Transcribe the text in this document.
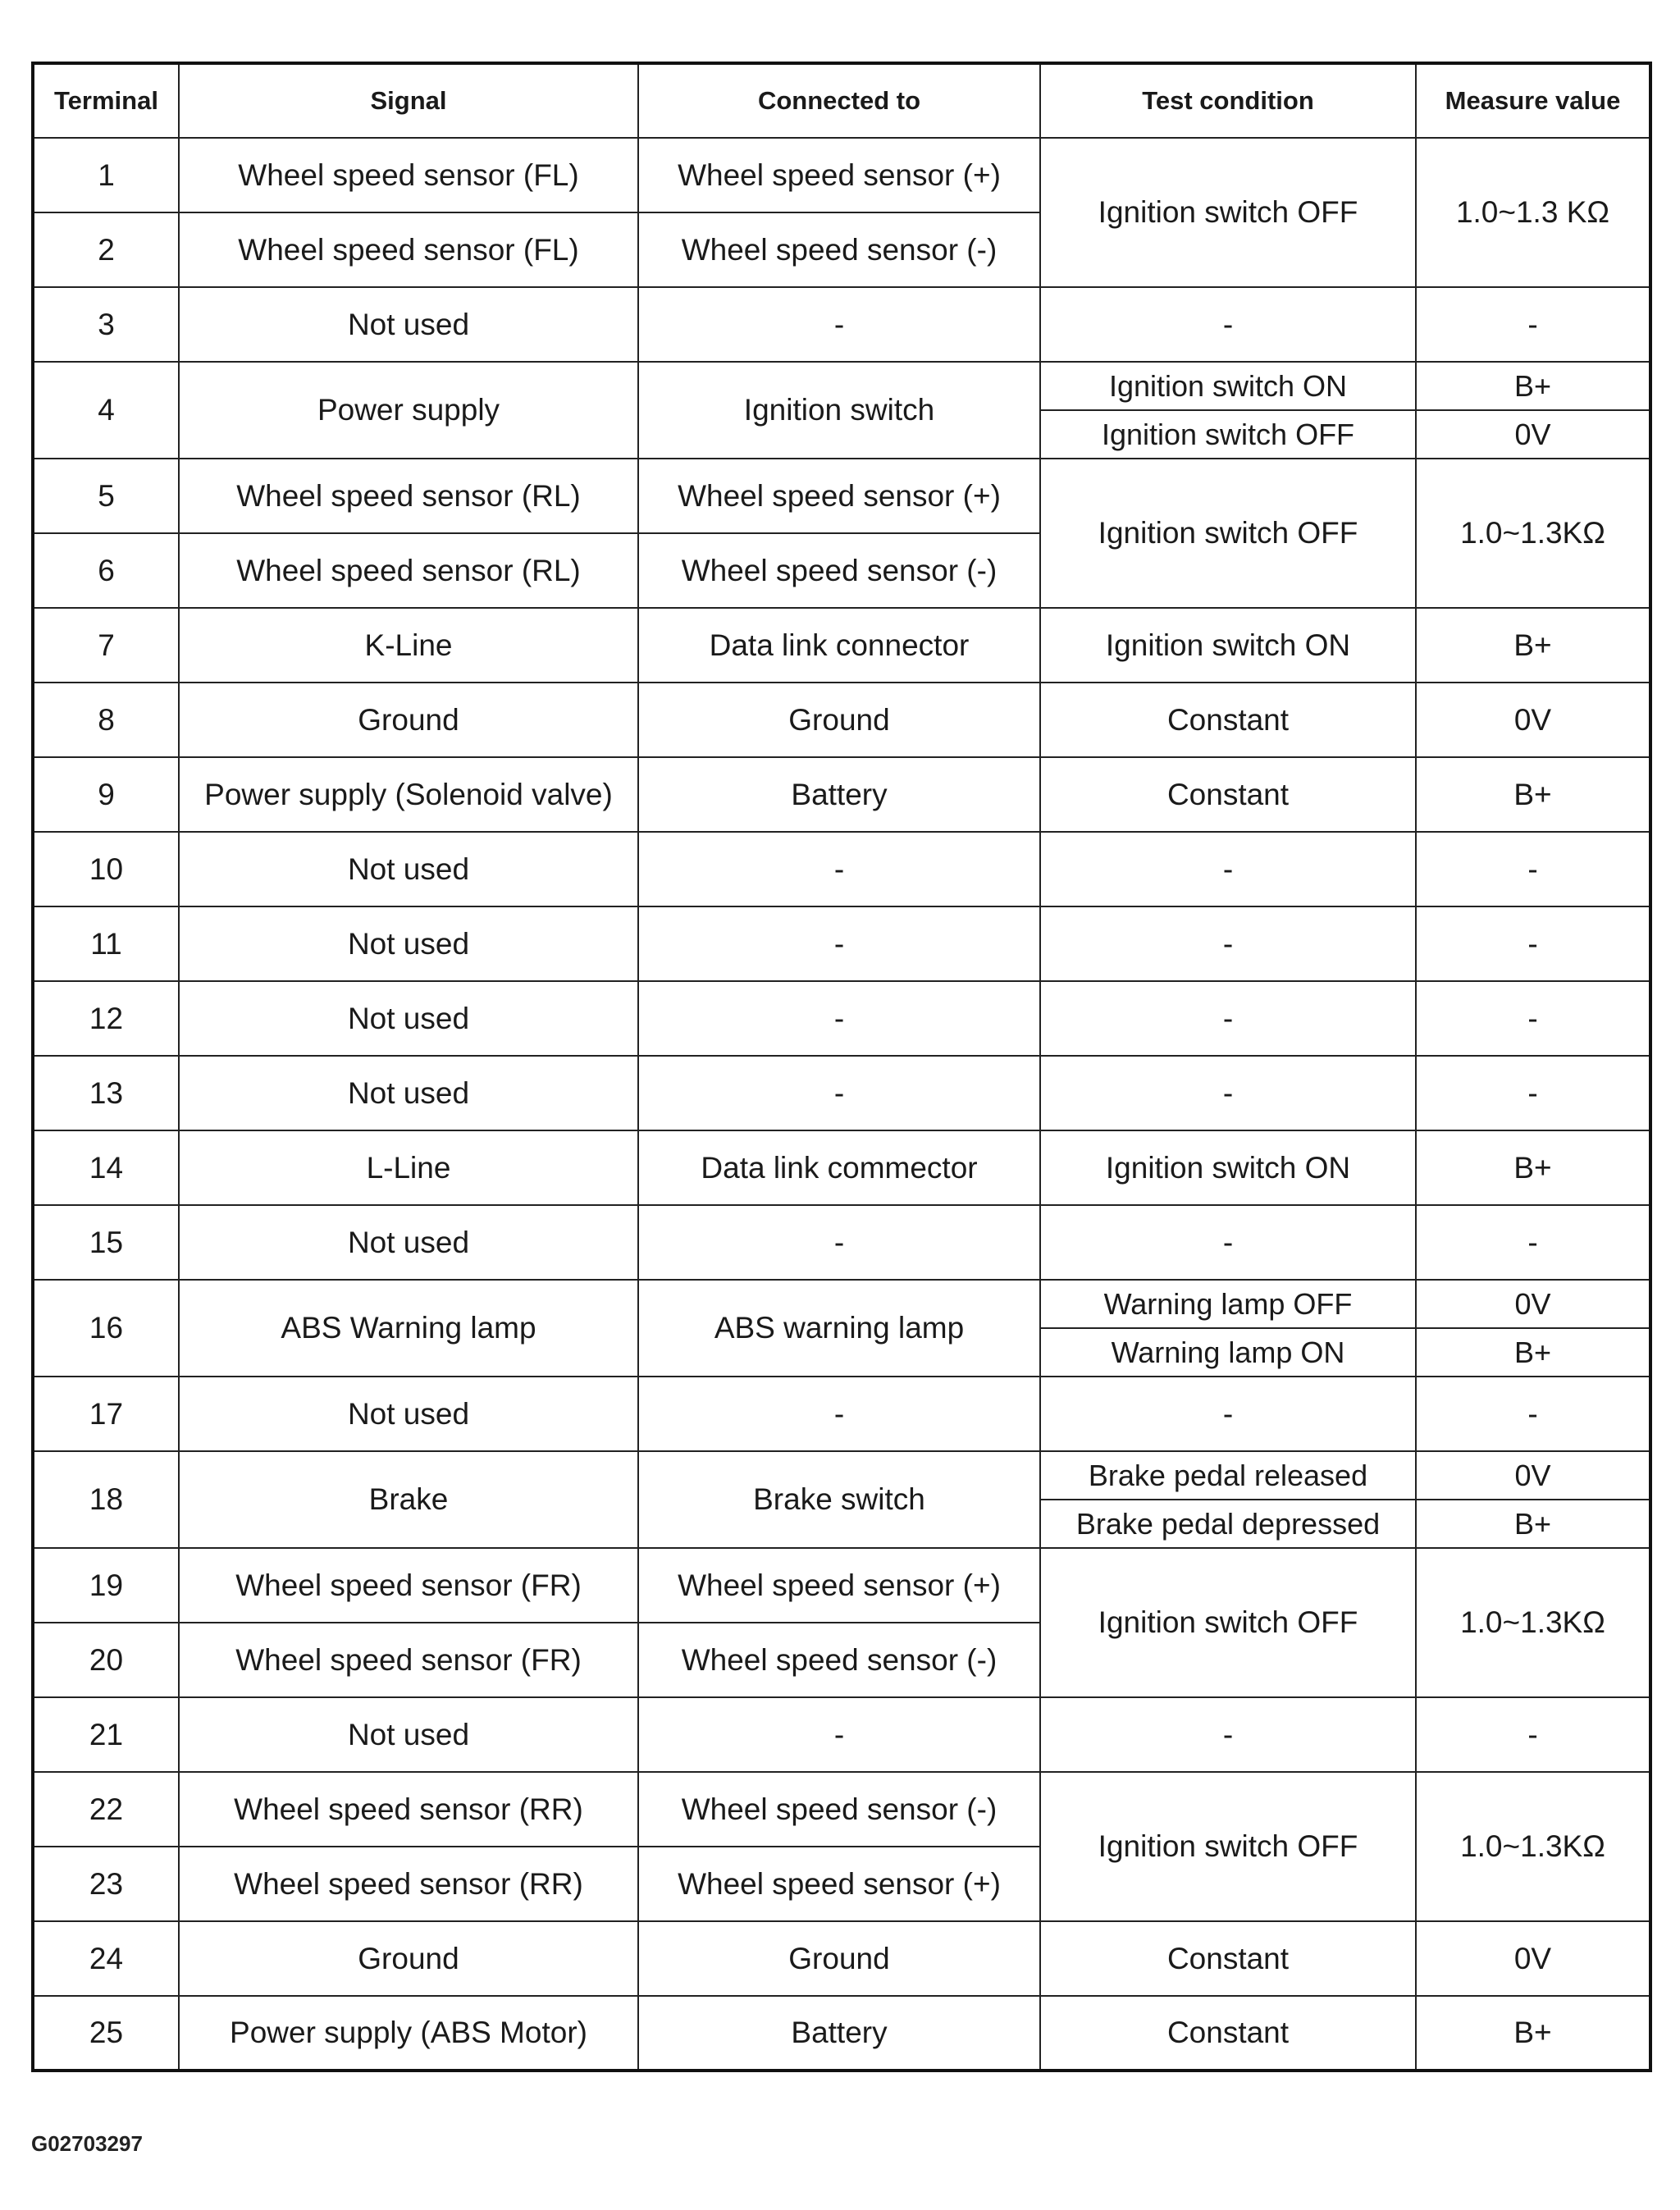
Terminal	Signal	Connected to	Test condition	Measure value
1	Wheel speed sensor (FL)	Wheel speed sensor (+)	Ignition switch OFF	1.0~1.3 KΩ
2	Wheel speed sensor (FL)	Wheel speed sensor (-)		
3	Not used	-	-	-
4	Power supply	Ignition switch	Ignition switch ON	B+
			Ignition switch OFF	0V
5	Wheel speed sensor (RL)	Wheel speed sensor (+)	Ignition switch OFF	1.0~1.3KΩ
6	Wheel speed sensor (RL)	Wheel speed sensor (-)		
7	K-Line	Data link connector	Ignition switch ON	B+
8	Ground	Ground	Constant	0V
9	Power supply (Solenoid valve)	Battery	Constant	B+
10	Not used	-	-	-
11	Not used	-	-	-
12	Not used	-	-	-
13	Not used	-	-	-
14	L-Line	Data link commector	Ignition switch ON	B+
15	Not used	-	-	-
16	ABS Warning lamp	ABS warning lamp	Warning lamp OFF	0V
			Warning lamp ON	B+
17	Not used	-	-	-
18	Brake	Brake switch	Brake pedal released	0V
			Brake pedal depressed	B+
19	Wheel speed sensor (FR)	Wheel speed sensor (+)	Ignition switch OFF	1.0~1.3KΩ
20	Wheel speed sensor (FR)	Wheel speed sensor (-)		
21	Not used	-	-	-
22	Wheel speed sensor (RR)	Wheel speed sensor (-)	Ignition switch OFF	1.0~1.3KΩ
23	Wheel speed sensor (RR)	Wheel speed sensor (+)		
24	Ground	Ground	Constant	0V
25	Power supply (ABS Motor)	Battery	Constant	B+
G02703297
